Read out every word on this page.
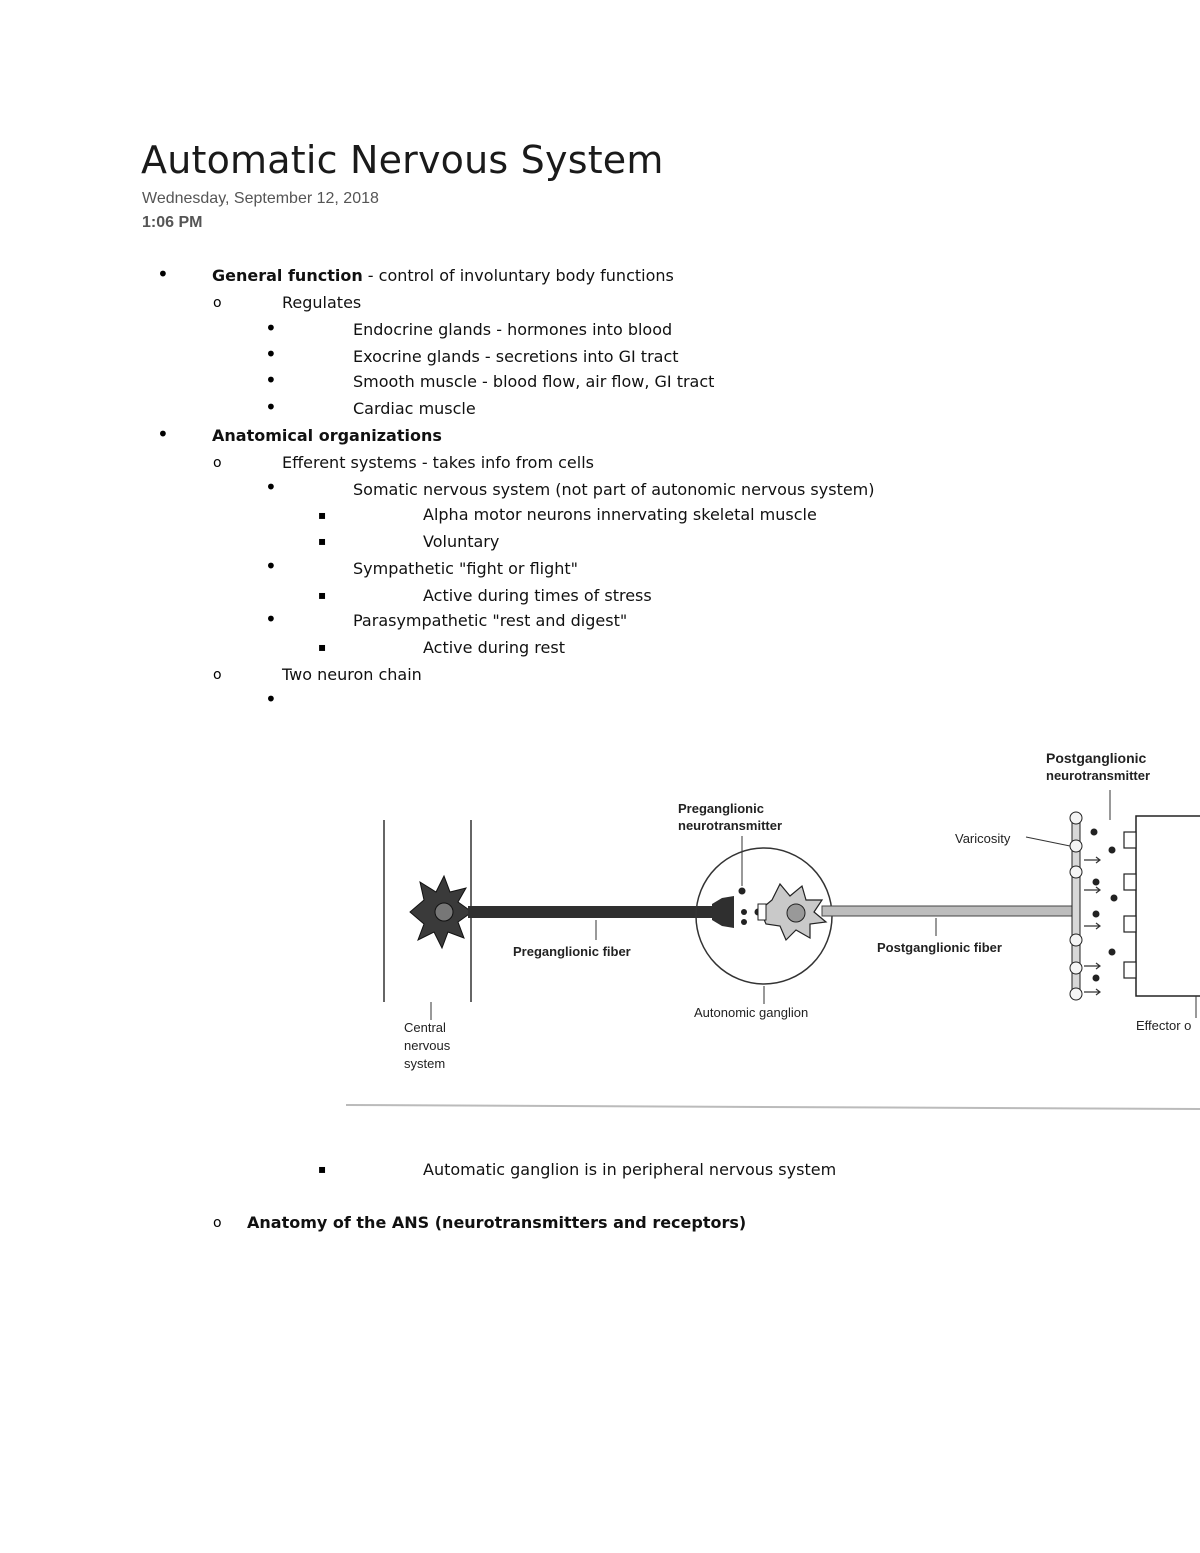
Automatic Nervous System
Wednesday, September 12, 2018
1:06 PM
•	General function - control of involuntary body functions
o	Regulates
•	Endocrine glands - hormones into blood
•	Exocrine glands - secretions into GI tract
•	Smooth muscle - blood flow, air flow, GI tract
•	Cardiac muscle
•	Anatomical organizations
o	Efferent systems - takes info from cells
•	Somatic nervous system (not part of autonomic nervous system)
▪	Alpha motor neurons innervating skeletal muscle
▪	Voluntary
•	Sympathetic "fight or flight"
▪	Active during times of stress
•	Parasympathetic "rest and digest"
▪	Active during rest
o	Two neuron chain
•
Postganglionic
neurotransmitter
Preganglionic
neurotransmitter
Varicosity
Preganglionic fiber	Postganglionic fiber
Autonomic ganglion
Central
nervous
system
Effector o
▪	Automatic ganglion is in peripheral nervous system
o Anatomy of the ANS (neurotransmitters and receptors)
